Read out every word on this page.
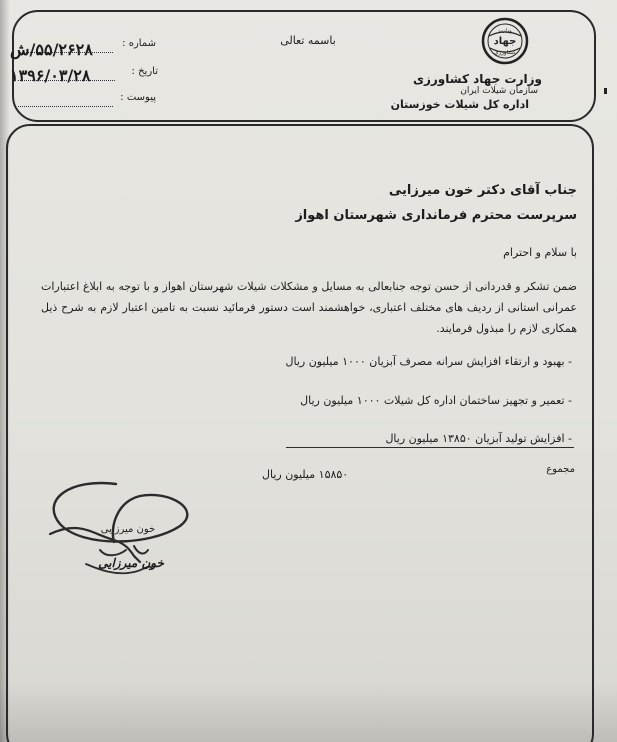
باسمه تعالی
وزارت
جهاد
کشاورزی
وزارت جهاد کشاورزی
سازمان شیلات ایران
اداره کل شیلات خوزستان
شماره :
۵۵/۲۶۲۸/ش
تاریخ :
۱۳۹۶/۰۳/۲۸
پیوست :
جناب آقای دکتر خون میرزایی
سرپرست محترم فرمانداری شهرستان اهواز
با سلام و احترام
ضمن تشکر و قدردانی از حسن توجه جنابعالی به مسایل و مشکلات شیلات شهرستان اهواز و با توجه به ابلاغ اعتبارات عمرانی استانی از ردیف های مختلف اعتباری، خواهشمند است دستور فرمائید نسبت به تامین اعتبار لازم به شرح ذیل همکاری لازم را مبذول فرمایند.
- بهبود و ارتقاء افزایش سرانه مصرف آبزیان ۱۰۰۰ میلیون ریال
- تعمیر و تجهیز ساختمان اداره کل شیلات ۱۰۰۰ میلیون ریال
- افزایش تولید آبزیان ۱۳۸۵۰ میلیون ریال
مجموع
۱۵۸۵۰ میلیون ریال
خون میرزایی
خون میرزایی
